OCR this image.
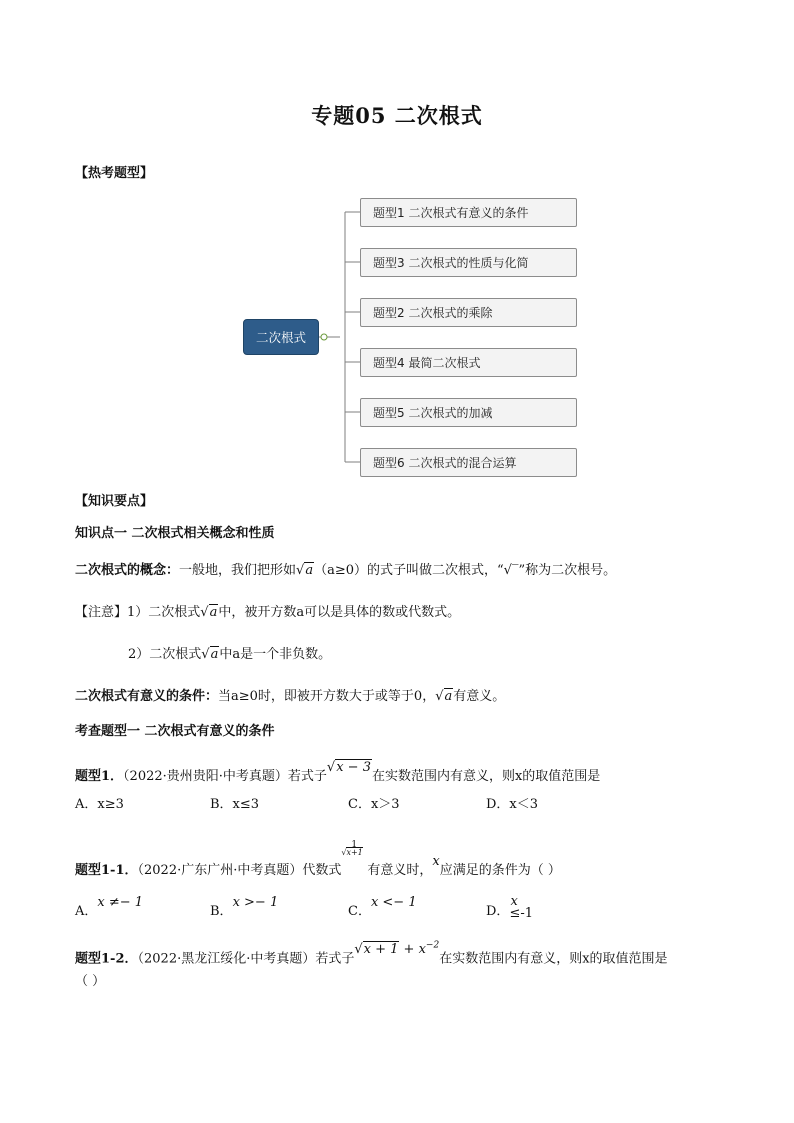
专题05 二次根式
【热考题型】
二次根式
题型1 二次根式有意义的条件
题型3 二次根式的性质与化简
题型2 二次根式的乘除
题型4 最简二次根式
题型5 二次根式的加减
题型6 二次根式的混合运算
【知识要点】
知识点一 二次根式相关概念和性质
二次根式的概念：一般地，我们把形如√a（a≥0）的式子叫做二次根式，“√‾”称为二次根号。
【注意】1）二次根式√a中，被开方数a可以是具体的数或代数式。
2）二次根式√a中a是一个非负数。
二次根式有意义的条件：当a≥0时，即被开方数大于或等于0，√a有意义。
考查题型一 二次根式有意义的条件
题型1．（2022·贵州贵阳·中考真题）若式子√x − 3在实数范围内有意义，则x的取值范围是
A．x≥3	B．x≤3	C．x＞3	D．x＜3
题型1-1．（2022·广东广州·中考真题）代数式
1
√x+1
有意义时，x应满足的条件为（ ）
A．x ≠− 1
B．x >− 1
C．x <− 1
D．
x
≤-1
题型1-2．（2022·黑龙江绥化·中考真题）若式子$√x + 1 + x^{-2}$在实数范围内有意义，则x的取值范围是
（ ）
